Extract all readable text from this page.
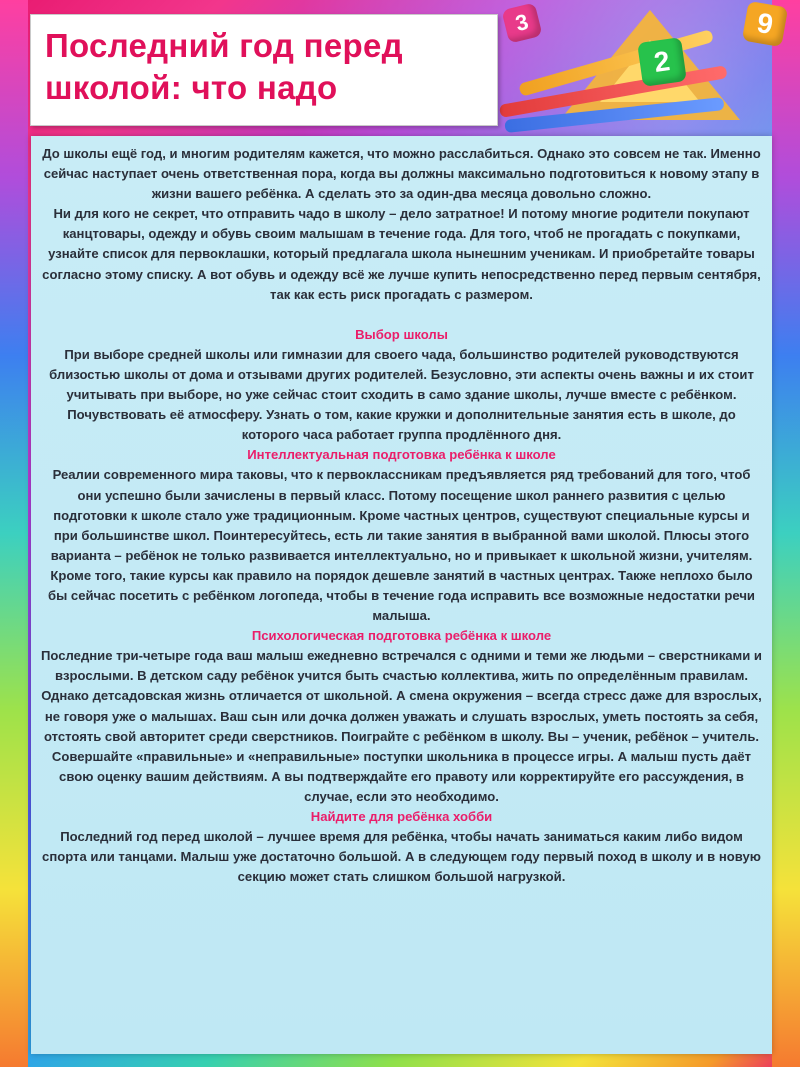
2
9
3
Последний год перед
школой: что надо

До школы ещё год, и многим родителям кажется, что можно расслабиться. Однако это совсем не так. Именно сейчас наступает очень ответственная пора, когда вы должны максимально подготовиться к новому этапу в жизни вашего ребёнка. А сделать это за один-два месяца довольно сложно.

Ни для кого не секрет, что отправить чадо в школу – дело затратное! И потому многие родители покупают канцтовары, одежду и обувь своим малышам в течение года. Для того, чтоб не прогадать с покупками, узнайте список для первоклашки, который предлагала школа нынешним ученикам. И приобретайте товары согласно этому списку. А вот обувь и одежду всё же лучше купить непосредственно перед первым сентября, так как есть риск прогадать с размером.

Выбор школы

При выборе средней школы или гимназии для своего чада, большинство родителей руководствуются близостью школы от дома и отзывами других родителей. Безусловно, эти аспекты очень важны и их стоит учитывать при выборе, но уже сейчас стоит сходить в само здание школы, лучше вместе с ребёнком. Почувствовать её атмосферу. Узнать о том, какие кружки и дополнительные занятия есть в школе, до которого часа работает группа продлённого дня.

Интеллектуальная подготовка ребёнка к школе

Реалии современного мира таковы, что к первоклассникам предъявляется ряд требований для того, чтоб они успешно были зачислены в первый класс. Потому посещение школ раннего развития с целью подготовки к школе стало уже традиционным. Кроме частных центров, существуют специальные курсы и при большинстве школ. Поинтересуйтесь, есть ли такие занятия в выбранной вами школой. Плюсы этого варианта – ребёнок не только развивается интеллектуально, но и привыкает к школьной жизни, учителям. Кроме того, такие курсы как правило на порядок дешевле занятий в частных центрах. Также неплохо было бы сейчас посетить с ребёнком логопеда, чтобы в течение года исправить все возможные недостатки речи малыша.

Психологическая подготовка ребёнка к школе

Последние три-четыре года ваш малыш ежедневно встречался с одними и теми же людьми – сверстниками и взрослыми. В детском саду ребёнок учится быть счастью коллектива, жить по определённым правилам. Однако детсадовская жизнь отличается от школьной. А смена окружения – всегда стресс даже для взрослых, не говоря уже о малышах. Ваш сын или дочка должен уважать и слушать взрослых, уметь постоять за себя, отстоять свой авторитет среди сверстников. Поиграйте с ребёнком в школу. Вы – ученик, ребёнок – учитель. Совершайте «правильные» и «неправильные» поступки школьника в процессе игры. А малыш пусть даёт свою оценку вашим действиям. А вы подтверждайте его правоту или корректируйте его рассуждения, в случае, если это необходимо.

Найдите для ребёнка хобби

Последний год перед школой – лучшее время для ребёнка, чтобы начать заниматься каким либо видом спорта или танцами. Малыш уже достаточно большой. А в следующем году первый поход в школу и в новую секцию может стать слишком большой нагрузкой.
